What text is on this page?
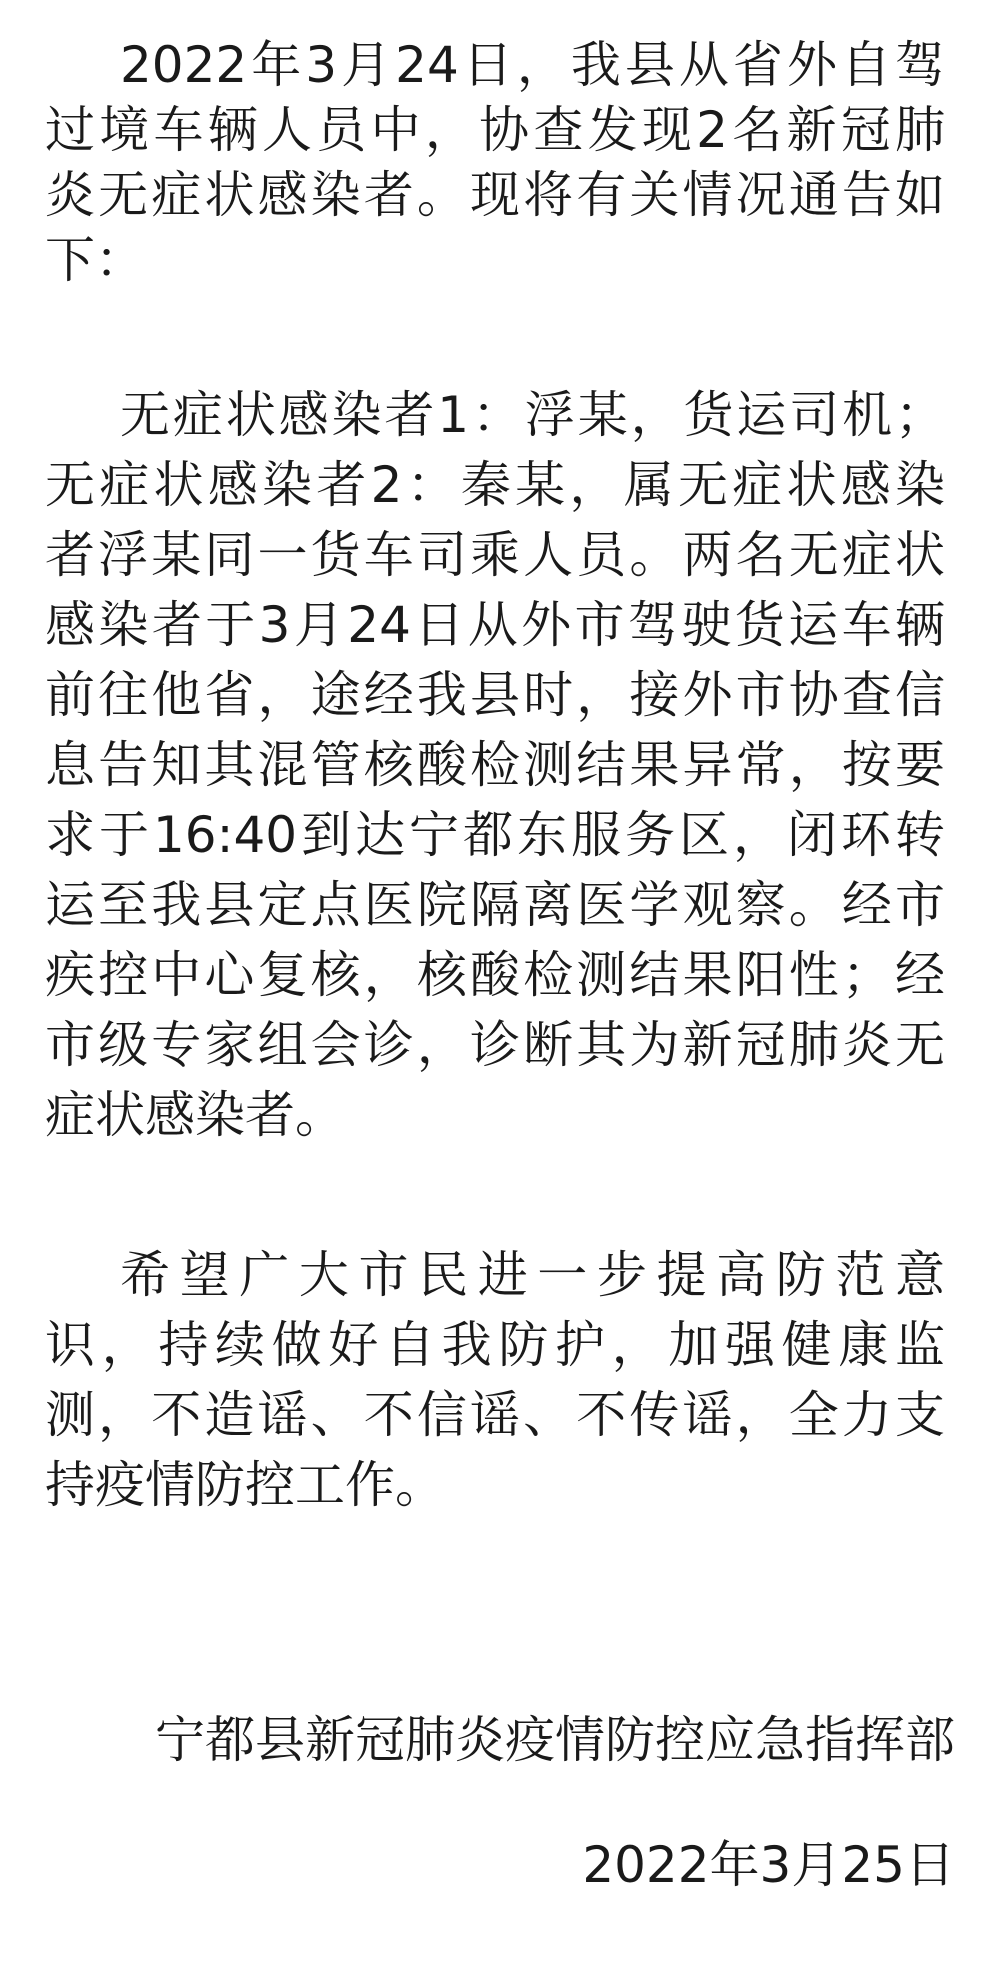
2022年3月24日，我县从省外自驾
过境车辆人员中，协查发现2名新冠肺
炎无症状感染者。现将有关情况通告如
下：
无症状感染者1：浮某，货运司机；
无症状感染者2：秦某，属无症状感染
者浮某同一货车司乘人员。两名无症状
感染者于3月24日从外市驾驶货运车辆
前往他省，途经我县时，接外市协查信
息告知其混管核酸检测结果异常，按要
求于16:40到达宁都东服务区，闭环转
运至我县定点医院隔离医学观察。经市
疾控中心复核，核酸检测结果阳性；经
市级专家组会诊，诊断其为新冠肺炎无
症状感染者。
希望广大市民进一步提高防范意
识，持续做好自我防护，加强健康监
测，不造谣、不信谣、不传谣，全力支
持疫情防控工作。
宁都县新冠肺炎疫情防控应急指挥部
2022年3月25日
